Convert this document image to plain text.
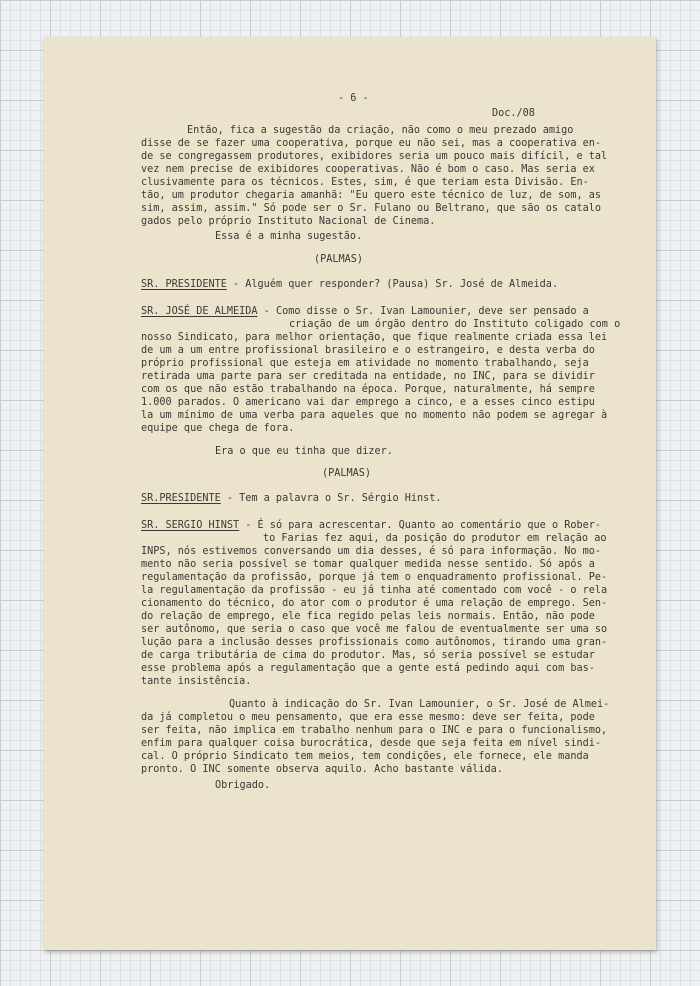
- 6 -
Doc./08
Então, fica a sugestão da criação, não como o meu prezado amigo
disse de se fazer uma cooperativa, porque eu não sei, mas a cooperativa en-
de se congregassem produtores, exibidores seria um pouco mais difícil, e tal
vez nem precise de exibidores cooperativas. Não é bom o caso. Mas seria ex
clusivamente para os técnicos. Estes, sim, é que teriam esta Divisão. En-
tão, um produtor chegaria amanhã: "Eu quero este técnico de luz, de som, as
sim, assim, assim." Só pode ser o Sr. Fulano ou Beltrano, que são os catalo
gados pelo próprio Instituto Nacional de Cinema.
Essa é a minha sugestão.
(PALMAS)
SR. PRESIDENTE - Alguém quer responder? (Pausa) Sr. José de Almeida.
SR. JOSÉ DE ALMEIDA - Como disse o Sr. Ivan Lamounier, deve ser pensado a
criação de um órgão dentro do Instituto coligado com o
nosso Sindicato, para melhor orientação, que fique realmente criada essa lei
de um a um entre profissional brasileiro e o estrangeiro, e desta verba do
próprio profissional que esteja em atividade no momento trabalhando, seja
retirada uma parte para ser creditada na entidade, no INC, para se dividir
com os que não estão trabalhando na época. Porque, naturalmente, há sempre
1.000 parados. O americano vai dar emprego a cinco, e a esses cinco estipu
la um mínimo de uma verba para aqueles que no momento não podem se agregar à
equipe que chega de fora.
Era o que eu tinha que dizer.
(PALMAS)
SR.PRESIDENTE - Tem a palavra o Sr. Sérgio Hinst.
SR. SERGIO HINST - É só para acrescentar. Quanto ao comentário que o Rober-
to Farias fez aqui, da posição do produtor em relação ao
INPS, nós estivemos conversando um dia desses, é só para informação. No mo-
mento não seria possível se tomar qualquer medida nesse sentido. Só após a
regulamentação da profissão, porque já tem o enquadramento profissional. Pe-
la regulamentação da profissão - eu já tinha até comentado com você - o rela
cionamento do técnico, do ator com o produtor é uma relação de emprego. Sen-
do relação de emprego, ele fica regido pelas leis normais. Então, não pode
ser autônomo, que seria o caso que você me falou de eventualmente ser uma so
lução para a inclusão desses profissionais como autônomos, tirando uma gran-
de carga tributária de cima do produtor. Mas, só seria possível se estudar
esse problema após a regulamentação que a gente está pedindo aqui com bas-
tante insistência.
Quanto à indicação do Sr. Ivan Lamounier, o Sr. José de Almei-
da já completou o meu pensamento, que era esse mesmo: deve ser feita, pode
ser feita, não implica em trabalho nenhum para o INC e para o funcionalismo,
enfim para qualquer coisa burocrática, desde que seja feita em nível sindi-
cal. O próprio Sindicato tem meios, tem condições, ele fornece, ele manda
pronto. O INC somente observa aquilo. Acho bastante válida.
Obrigado.
